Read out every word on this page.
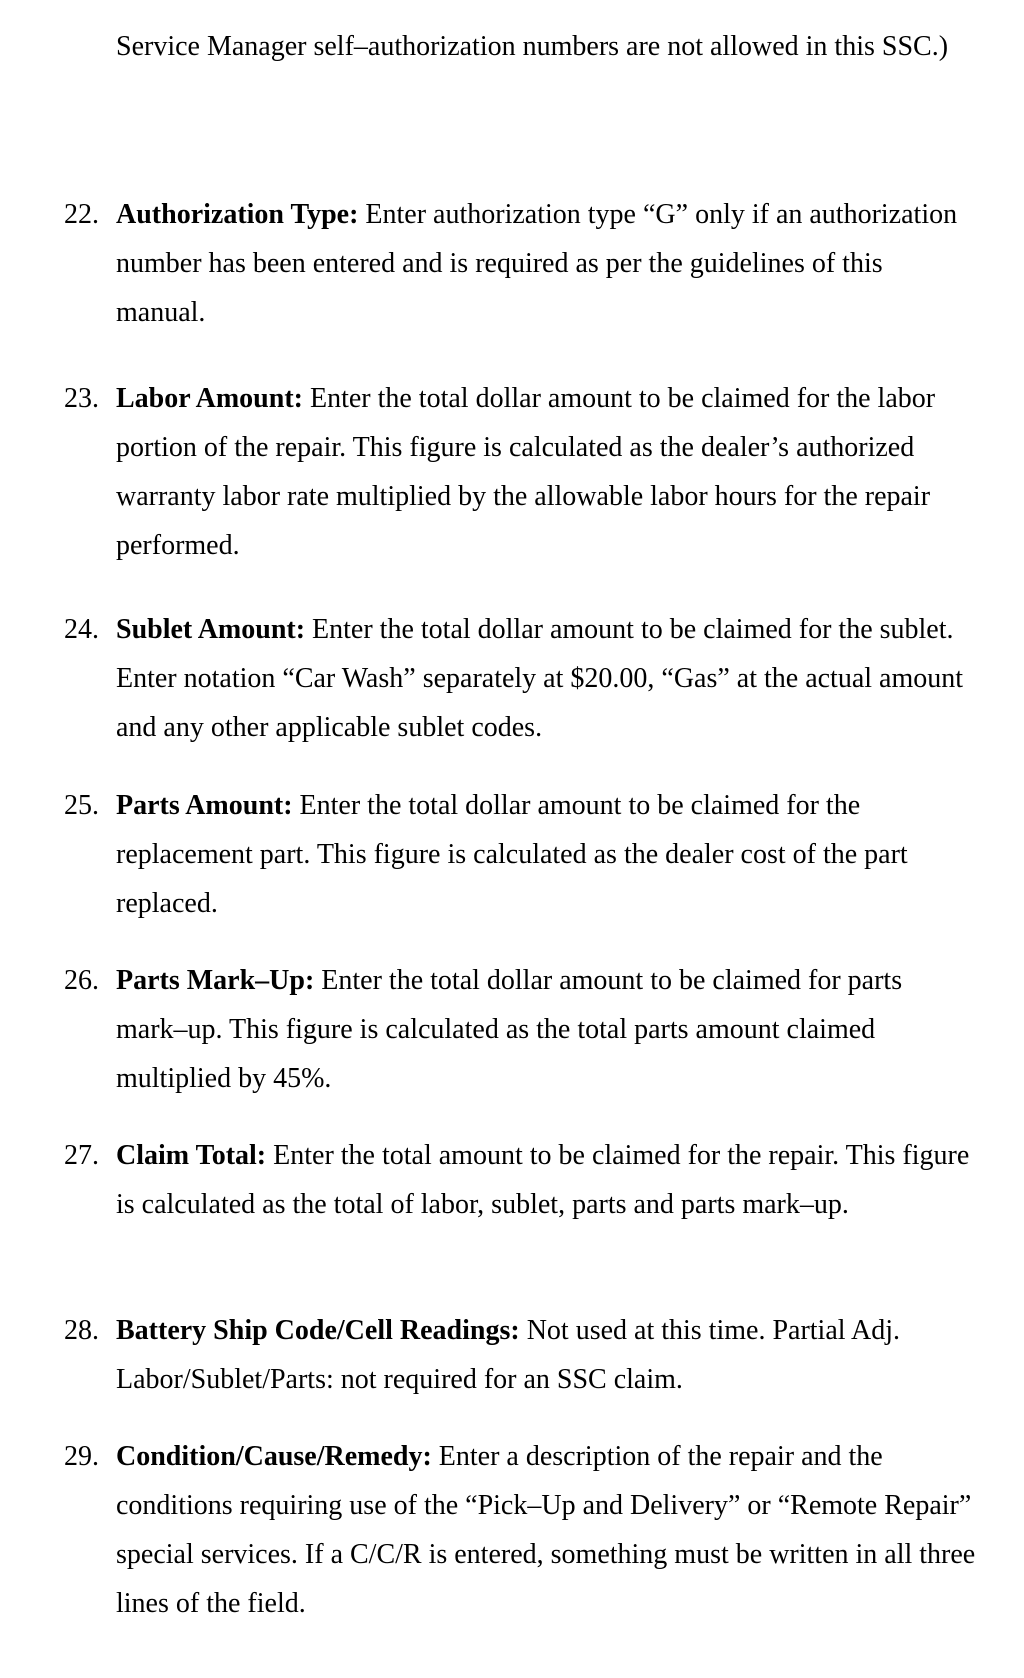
Service Manager self–authorization numbers are not allowed in this SSC.)

22. Authorization Type: Enter authorization type “G” only if an authorization number has been entered and is required as per the guidelines of this manual.

23. Labor Amount: Enter the total dollar amount to be claimed for the labor portion of the repair. This figure is calculated as the dealer’s authorized warranty labor rate multiplied by the allowable labor hours for the repair performed.

24. Sublet Amount: Enter the total dollar amount to be claimed for the sublet. Enter notation “Car Wash” separately at $20.00, “Gas” at the actual amount and any other applicable sublet codes.

25. Parts Amount: Enter the total dollar amount to be claimed for the replacement part. This figure is calculated as the dealer cost of the part replaced.

26. Parts Mark–Up: Enter the total dollar amount to be claimed for parts mark–up. This figure is calculated as the total parts amount claimed multiplied by 45%.

27. Claim Total: Enter the total amount to be claimed for the repair. This figure is calculated as the total of labor, sublet, parts and parts mark–up.

28. Battery Ship Code/Cell Readings: Not used at this time. Partial Adj. Labor/Sublet/Parts: not required for an SSC claim.

29. Condition/Cause/Remedy: Enter a description of the repair and the conditions requiring use of the “Pick–Up and Delivery” or “Remote Repair” special services. If a C/C/R is entered, something must be written in all three lines of the field.
